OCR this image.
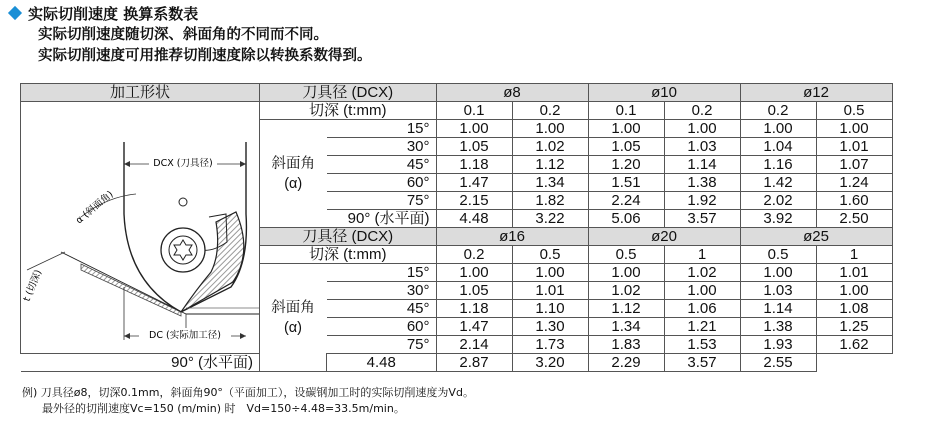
实际切削速度 换算系数表
实际切削速度随切深、斜面角的不同而不同。
实际切削速度可用推荐切削速度除以转换系数得到。
加工形状	刀具径 (DCX)		ø8		ø10		ø12	

DCX (刀具径)
α (斜面角)
t (切深)
DC (实际加工径)	切深 (t:mm)		0.1	0.2	0.1	0.2	0.2	0.5
	斜面角
(α)	15°	1.00	1.00	1.00	1.00	1.00	1.00
		30°	1.05	1.02	1.05	1.03	1.04	1.01
		45°	1.18	1.12	1.20	1.14	1.16	1.07
		60°	1.47	1.34	1.51	1.38	1.42	1.24
		75°	2.15	1.82	2.24	1.92	2.02	1.60
		90° (水平面)	4.48	3.22	5.06	3.57	3.92	2.50
	刀具径 (DCX)		ø16		ø20		ø25	
	切深 (t:mm)		0.2	0.5	0.5	1	0.5	1
	斜面角
(α)	15°	1.00	1.00	1.00	1.02	1.00	1.01
		30°	1.05	1.01	1.02	1.00	1.03	1.00
		45°	1.18	1.10	1.12	1.06	1.14	1.08
		60°	1.47	1.30	1.34	1.21	1.38	1.25
		75°	2.14	1.73	1.83	1.53	1.93	1.62
90° (水平面)		4.48	2.87	3.20	2.29	3.57	2.55	
例) 刀具径ø8，切深0.1mm，斜面角90°（平面加工），设碳钢加工时的实际切削速度为Vd。
最外径的切削速度Vc=150 (m/min) 时　Vd=150÷4.48=33.5m/min。
